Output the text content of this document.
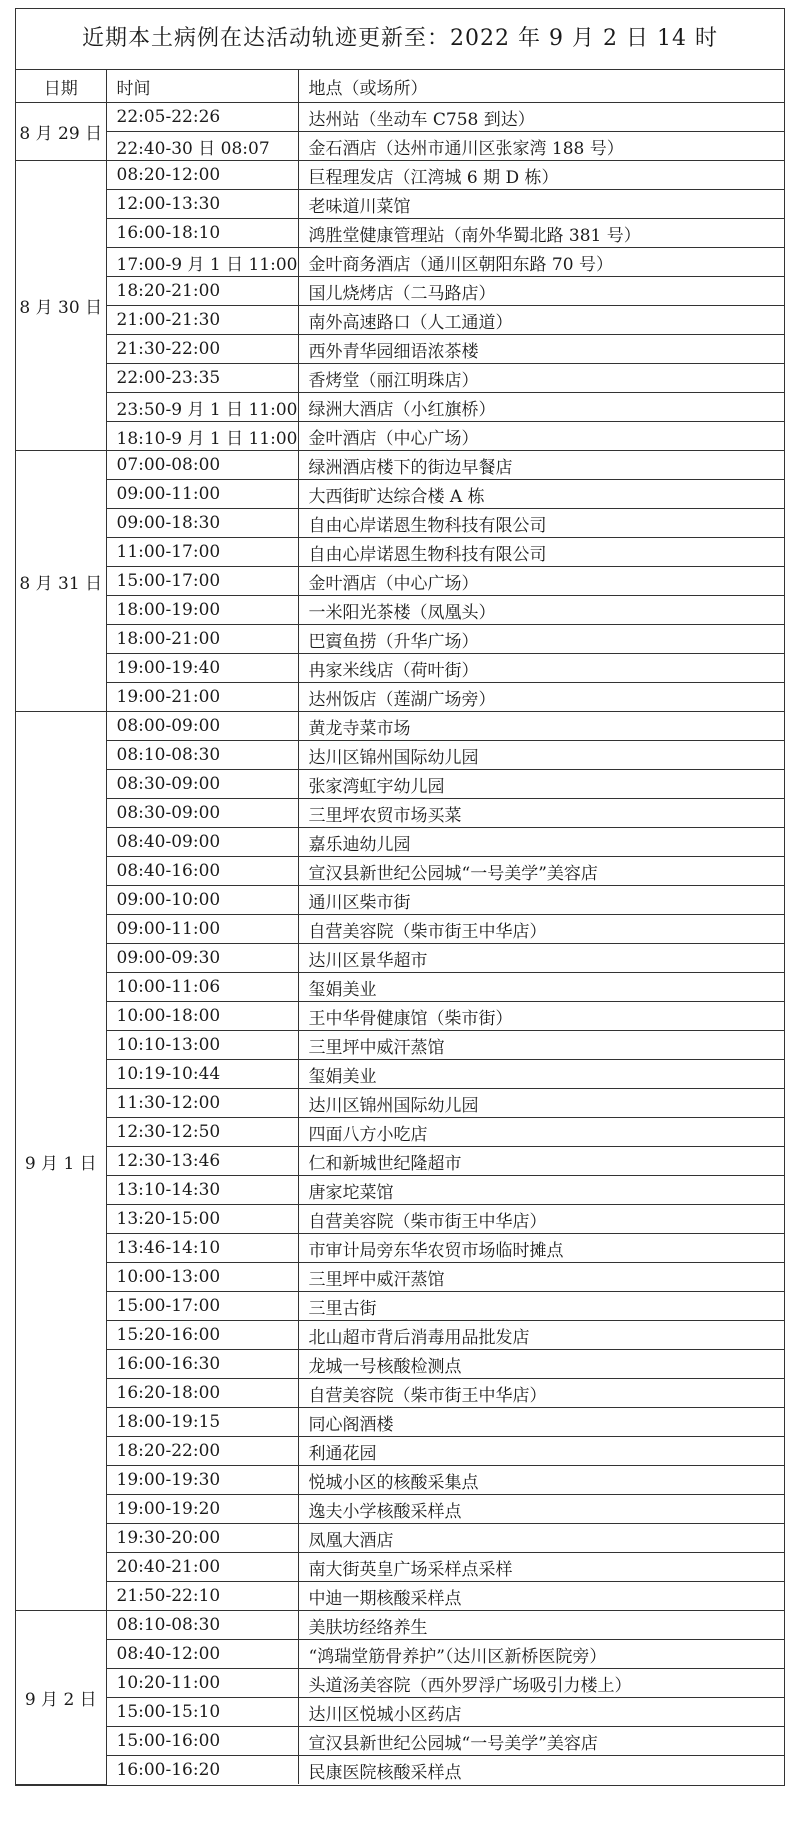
近期本土病例在达活动轨迹更新至：2022 年 9 月 2 日 14 时
日期	时间	地点（或场所）
8 月 29 日	22:05-22:26	达州站（坐动车 C758 到达）
	22:40-30 日 08:07	金石酒店（达州市通川区张家湾 188 号）
8 月 30 日	08:20-12:00	巨程理发店（江湾城 6 期 D 栋）
	12:00-13:30	老味道川菜馆
	16:00-18:10	鸿胜堂健康管理站（南外华蜀北路 381 号）
	17:00-9 月 1 日 11:00	金叶商务酒店（通川区朝阳东路 70 号）
	18:20-21:00	国儿烧烤店（二马路店）
	21:00-21:30	南外高速路口（人工通道）
	21:30-22:00	西外青华园细语浓茶楼
	22:00-23:35	香烤堂（丽江明珠店）
	23:50-9 月 1 日 11:00	绿洲大酒店（小红旗桥）
	18:10-9 月 1 日 11:00	金叶酒店（中心广场）
8 月 31 日	07:00-08:00	绿洲酒店楼下的街边早餐店
	09:00-11:00	大西街旷达综合楼 A 栋
	09:00-18:30	自由心岸诺恩生物科技有限公司
	11:00-17:00	自由心岸诺恩生物科技有限公司
	15:00-17:00	金叶酒店（中心广场）
	18:00-19:00	一米阳光茶楼（凤凰头）
	18:00-21:00	巴賨鱼捞（升华广场）
	19:00-19:40	冉家米线店（荷叶街）
	19:00-21:00	达州饭店（莲湖广场旁）
9 月 1 日	08:00-09:00	黄龙寺菜市场
	08:10-08:30	达川区锦州国际幼儿园
	08:30-09:00	张家湾虹宇幼儿园
	08:30-09:00	三里坪农贸市场买菜
	08:40-09:00	嘉乐迪幼儿园
	08:40-16:00	宣汉县新世纪公园城“一号美学”美容店
	09:00-10:00	通川区柴市街
	09:00-11:00	自营美容院（柴市街王中华店）
	09:00-09:30	达川区景华超市
	10:00-11:06	玺娟美业
	10:00-18:00	王中华骨健康馆（柴市街）
	10:10-13:00	三里坪中威汗蒸馆
	10:19-10:44	玺娟美业
	11:30-12:00	达川区锦州国际幼儿园
	12:30-12:50	四面八方小吃店
	12:30-13:46	仁和新城世纪隆超市
	13:10-14:30	唐家坨菜馆
	13:20-15:00	自营美容院（柴市街王中华店）
	13:46-14:10	市审计局旁东华农贸市场临时摊点
	10:00-13:00	三里坪中威汗蒸馆
	15:00-17:00	三里古街
	15:20-16:00	北山超市背后消毒用品批发店
	16:00-16:30	龙城一号核酸检测点
	16:20-18:00	自营美容院（柴市街王中华店）
	18:00-19:15	同心阁酒楼
	18:20-22:00	利通花园
	19:00-19:30	悦城小区的核酸采集点
	19:00-19:20	逸夫小学核酸采样点
	19:30-20:00	凤凰大酒店
	20:40-21:00	南大街英皇广场采样点采样
	21:50-22:10	中迪一期核酸采样点
9 月 2 日	08:10-08:30	美肤坊经络养生
	08:40-12:00	“鸿瑞堂筋骨养护”（达川区新桥医院旁）
	10:20-11:00	头道汤美容院（西外罗浮广场吸引力楼上）
	15:00-15:10	达川区悦城小区药店
	15:00-16:00	宣汉县新世纪公园城“一号美学”美容店
	16:00-16:20	民康医院核酸采样点
